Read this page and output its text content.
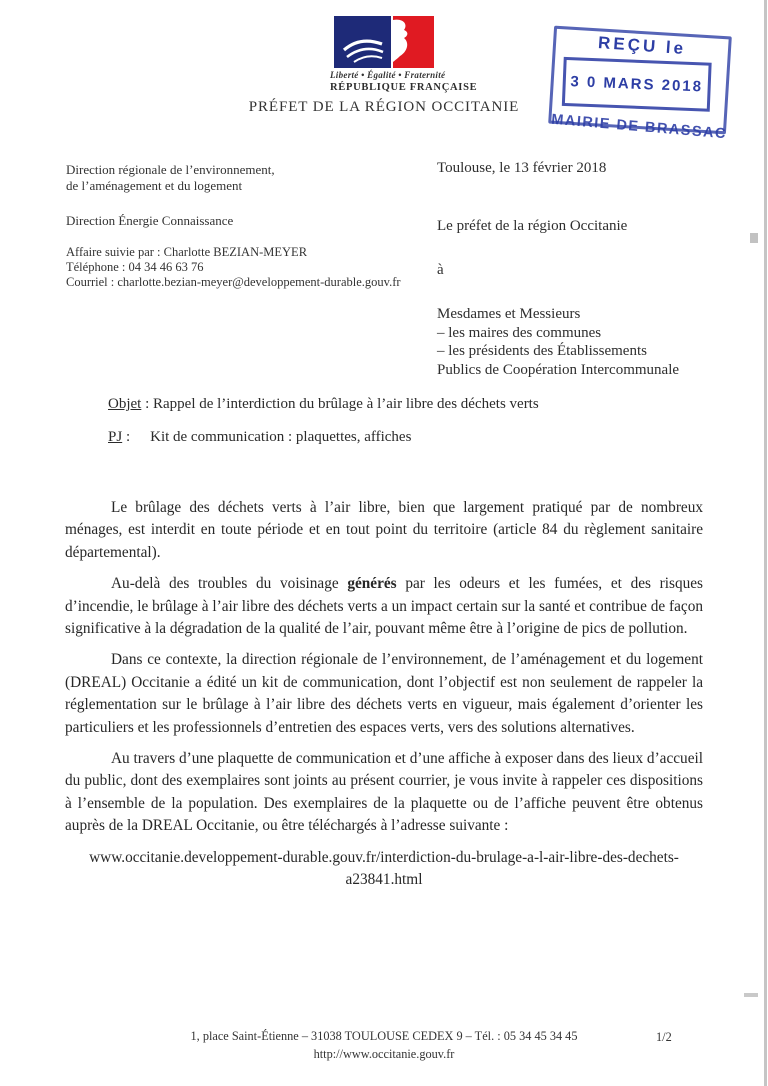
Liberté • Égalité • Fraternité
RÉPUBLIQUE FRANÇAISE
PRÉFET DE LA RÉGION OCCITANIE
REÇU le
3 0 MARS 2018
MAIRIE DE BRASSAC
Direction régionale de l’environnement,
de l’aménagement et du logement
Direction Énergie Connaissance
Affaire suivie par : Charlotte BEZIAN-MEYER
Téléphone : 04 34 46 63 76
Courriel : charlotte.bezian-meyer@developpement-durable.gouv.fr
Toulouse, le 13 février 2018
Le préfet de la région Occitanie
à
Mesdames et Messieurs
– les maires des communes
– les présidents des Établissements
Publics de Coopération Intercommunale
Objet : Rappel de l’interdiction du brûlage à l’air libre des déchets verts
PJ : Kit de communication : plaquettes, affiches

Le brûlage des déchets verts à l’air libre, bien que largement pratiqué par de nombreux ménages, est interdit en toute période et en tout point du territoire (article 84 du règlement sanitaire départemental).

Au-delà des troubles du voisinage générés par les odeurs et les fumées, et des risques d’incendie, le brûlage à l’air libre des déchets verts a un impact certain sur la santé et contribue de façon significative à la dégradation de la qualité de l’air, pouvant même être à l’origine de pics de pollution.

Dans ce contexte, la direction régionale de l’environnement, de l’aménagement et du logement (DREAL) Occitanie a édité un kit de communication, dont l’objectif est non seulement de rappeler la réglementation sur le brûlage à l’air libre des déchets verts en vigueur, mais également d’orienter les particuliers et les professionnels d’entretien des espaces verts, vers des solutions alternatives.

Au travers d’une plaquette de communication et d’une affiche à exposer dans des lieux d’accueil du public, dont des exemplaires sont joints au présent courrier, je vous invite à rappeler ces dispositions à l’ensemble de la population. Des exemplaires de la plaquette ou de l’affiche peuvent être obtenus auprès de la DREAL Occitanie, ou être téléchargés à l’adresse suivante :

www.occitanie.developpement-durable.gouv.fr/interdiction-du-brulage-a-l-air-libre-des-dechets-
a23841.html
1, place Saint-Étienne – 31038 TOULOUSE CEDEX 9 – Tél. : 05 34 45 34 45
http://www.occitanie.gouv.fr
1/2
